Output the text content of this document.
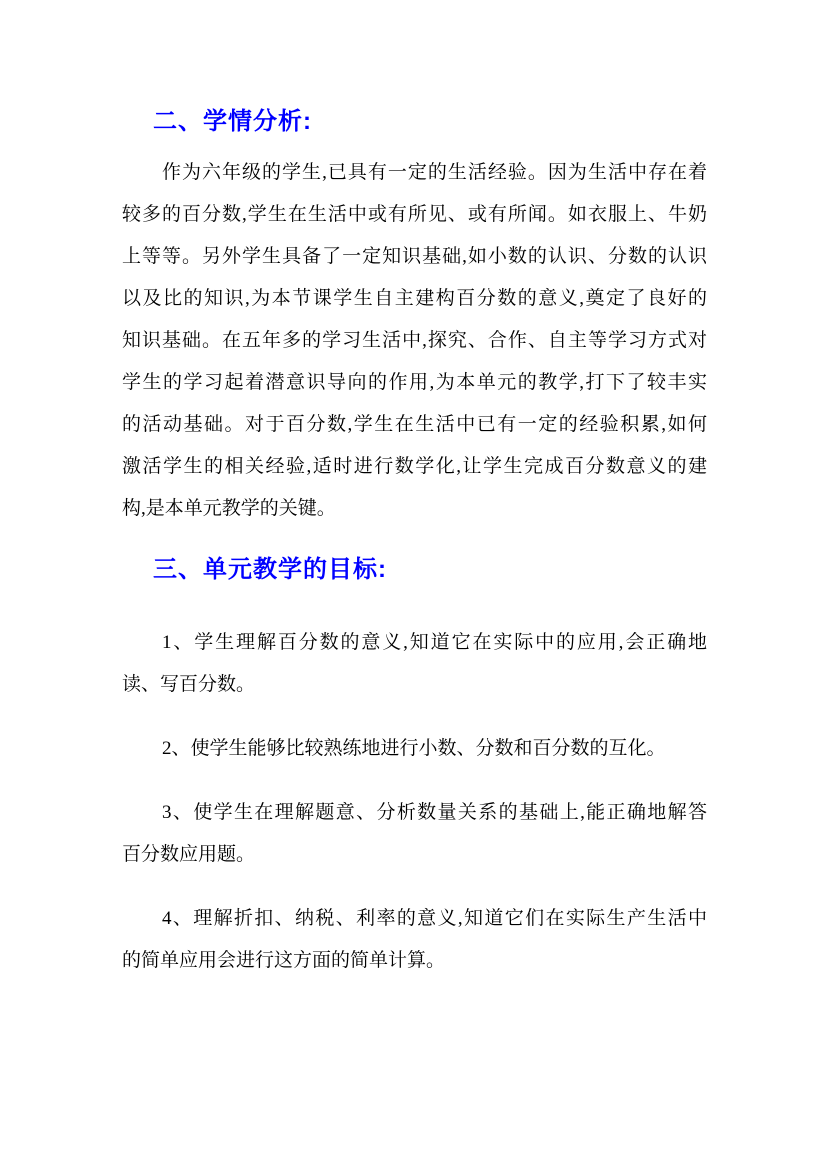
二、学情分析:
作为六年级的学生,已具有一定的生活经验。因为生活中存在着
较多的百分数,学生在生活中或有所见、或有所闻。如衣服上、牛奶
上等等。另外学生具备了一定知识基础,如小数的认识、分数的认识
以及比的知识,为本节课学生自主建构百分数的意义,奠定了良好的
知识基础。在五年多的学习生活中,探究、合作、自主等学习方式对
学生的学习起着潜意识导向的作用,为本单元的教学,打下了较丰实
的活动基础。对于百分数,学生在生活中已有一定的经验积累,如何
激活学生的相关经验,适时进行数学化,让学生完成百分数意义的建
构,是本单元教学的关键。
三、单元教学的目标:
1、学生理解百分数的意义,知道它在实际中的应用,会正确地
读、写百分数。
2、使学生能够比较熟练地进行小数、分数和百分数的互化。
3、使学生在理解题意、分析数量关系的基础上,能正确地解答
百分数应用题。
4、理解折扣、纳税、利率的意义,知道它们在实际生产生活中
的简单应用会进行这方面的简单计算。
